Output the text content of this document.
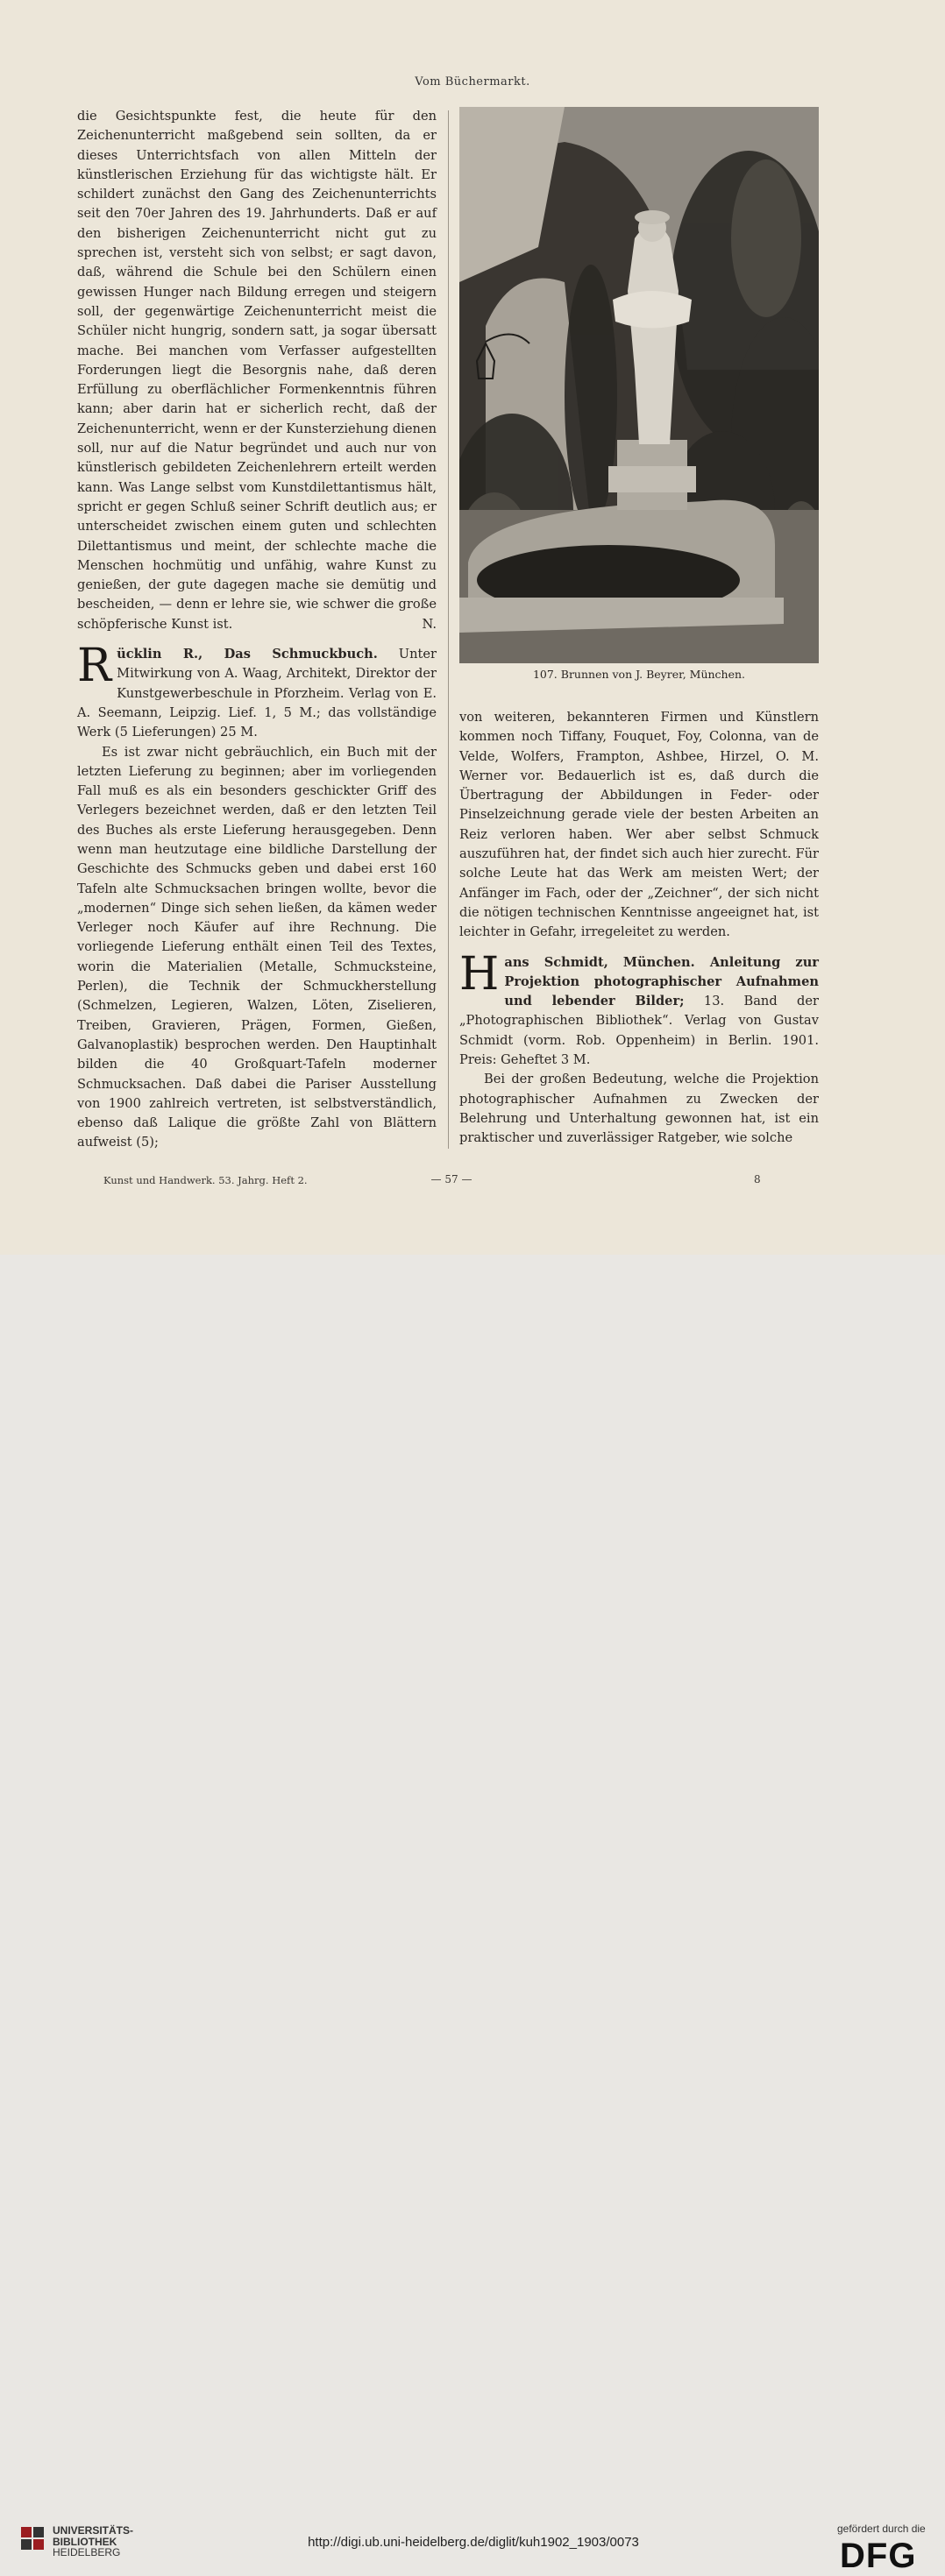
Vom Büchermarkt.

die Gesichtspunkte fest, die heute für den Zeichenunterricht maßgebend sein sollten, da er dieses Unterrichtsfach von allen Mitteln der künstlerischen Erziehung für das wichtigste hält. Er schildert zunächst den Gang des Zeichenunterrichts seit den 70er Jahren des 19. Jahrhunderts. Daß er auf den bisherigen Zeichenunterricht nicht gut zu sprechen ist, versteht sich von selbst; er sagt davon, daß, während die Schule bei den Schülern einen gewissen Hunger nach Bildung erregen und steigern soll, der gegenwärtige Zeichenunterricht meist die Schüler nicht hungrig, sondern satt, ja sogar übersatt mache. Bei manchen vom Verfasser aufgestellten Forderungen liegt die Besorgnis nahe, daß deren Erfüllung zu oberflächlicher Formenkenntnis führen kann; aber darin hat er sicherlich recht, daß der Zeichenunterricht, wenn er der Kunsterziehung dienen soll, nur auf die Natur begründet und auch nur von künstlerisch gebildeten Zeichenlehrern erteilt werden kann. Was Lange selbst vom Kunstdilettantismus hält, spricht er gegen Schluß seiner Schrift deutlich aus; er unterscheidet zwischen einem guten und schlechten Dilettantismus und meint, der schlechte mache die Menschen hochmütig und unfähig, wahre Kunst zu genießen, der gute dagegen mache sie demütig und bescheiden, — denn er lehre sie, wie schwer die große schöpferische Kunst ist.	N.

Rücklin R., Das Schmuckbuch. Unter Mitwirkung von A. Waag, Architekt, Direktor der Kunstgewerbeschule in Pforzheim. Verlag von E. A. Seemann, Leipzig. Lief. 1, 5 M.; das vollständige Werk (5 Lieferungen) 25 M.

Es ist zwar nicht gebräuchlich, ein Buch mit der letzten Lieferung zu beginnen; aber im vorliegenden Fall muß es als ein besonders geschickter Griff des Verlegers bezeichnet werden, daß er den letzten Teil des Buches als erste Lieferung herausgegeben. Denn wenn man heutzutage eine bildliche Darstellung der Geschichte des Schmucks geben und dabei erst 160 Tafeln alte Schmucksachen bringen wollte, bevor die „modernen“ Dinge sich sehen ließen, da kämen weder Verleger noch Käufer auf ihre Rechnung. Die vorliegende Lieferung enthält einen Teil des Textes, worin die Materialien (Metalle, Schmucksteine, Perlen), die Technik der Schmuckherstellung (Schmelzen, Legieren, Walzen, Löten, Ziselieren, Treiben, Gravieren, Prägen, Formen, Gießen, Galvanoplastik) besprochen werden. Den Hauptinhalt bilden die 40 Großquart-Tafeln moderner Schmucksachen. Daß dabei die Pariser Ausstellung von 1900 zahlreich vertreten, ist selbstverständlich, ebenso daß Lalique die größte Zahl von Blättern aufweist (5);

107. Brunnen von J. Beyrer, München.

von weiteren, bekannteren Firmen und Künstlern kommen noch Tiffany, Fouquet, Foy, Colonna, van de Velde, Wolfers, Frampton, Ashbee, Hirzel, O. M. Werner vor. Bedauerlich ist es, daß durch die Übertragung der Abbildungen in Feder- oder Pinselzeichnung gerade viele der besten Arbeiten an Reiz verloren haben. Wer aber selbst Schmuck auszuführen hat, der findet sich auch hier zurecht. Für solche Leute hat das Werk am meisten Wert; der Anfänger im Fach, oder der „Zeichner“, der sich nicht die nötigen technischen Kenntnisse angeeignet hat, ist leichter in Gefahr, irregeleitet zu werden.

Hans Schmidt, München. Anleitung zur Projektion photographischer Aufnahmen und lebender Bilder; 13. Band der „Photographischen Bibliothek“. Verlag von Gustav Schmidt (vorm. Rob. Oppenheim) in Berlin. 1901. Preis: Geheftet 3 M.

Bei der großen Bedeutung, welche die Projektion photographischer Aufnahmen zu Zwecken der Belehrung und Unterhaltung gewonnen hat, ist ein praktischer und zuverlässiger Ratgeber, wie solche

Kunst und Handwerk. 53. Jahrg. Heft 2.	— 57 —	8
UNIVERSITÄTS-
BIBLIOTHEK
HEIDELBERG
http://digi.ub.uni-heidelberg.de/diglit/kuh1902_1903/0073
gefördert durch die
DFG
